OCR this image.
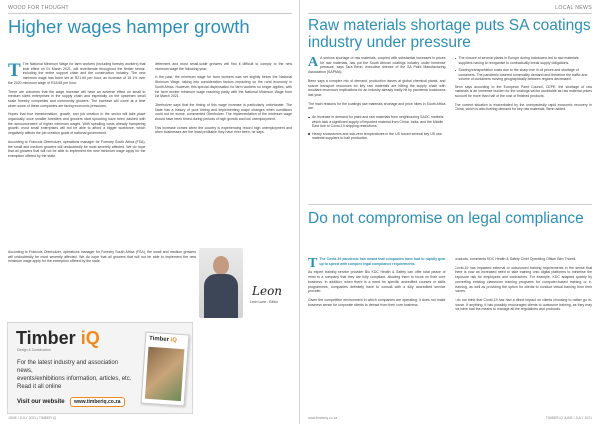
WOOD FOR THOUGHT
Higher wages hamper growth

T The National Minimum Wage for farm workers (including forestry workers) that took effect on 01 March 2021, will reverberate throughout the timber sector, including the entire support chain and the construction industry. The new minimum wage has been set at R21.69 per hour, an increase of 16.1% over the 2020 minimum wage of R18.68 per hour.

There are concerns that the wage increase will have an adverse effect on small to medium sized enterprises in the supply chain and especially on the upstream small scale forestry companies and community growers. The increase will come at a time when some of these companies are facing economic pressures.

Hopes that true transformation, growth, and job creation in the sector will take place organically once smaller foresters and growers start sprouting have been dashed with the announcement of higher minimum wages. With spiralling costs already hampering growth, most small enterprises will not be able to afford a bigger workforce, which negatively affects the job creation goals of national government.

According to Francois Oberholzer, operations manager for Forestry South Africa (FSA), the small and medium growers will undoubtedly be most severely affected. We do hope that all growers that will not be able to implement the new minimum wage apply for the exemption offered by the state.

deferment and most small-scale growers will find it difficult to comply to the new minimum wage the following year.

In the past, the minimum wage for farm workers was set slightly below the National Minimum Wage, taking into consideration factors impacting on the rural economy in South Africa. However, this special dispensation for farm workers no longer applies, with the farm worker minimum wage reaching parity with the National Minimum Wage from 1st March 2021.

Oberholzer says that the timing of this wage increase is particularly unfortunate. The State has a history of poor timing and implementing major changes when conditions could not be worse, commented Oberholzer. The implementation of the minimum wage should have been timed during periods of high growth and low unemployment.

This increase comes when the country is experiencing record high unemployment and when businesses are the least profitable they have ever been, he says.

According to Francois Oberholzer, operations manager for Forestry South Africa (FSA), the small and medium growers will undoubtedly be most severely affected. We do hope that all growers that will not be able to implement the new minimum wage apply for the exemption offered by the state.

Leon
Leon Lurie - Editor
Timber iQ
Design & Construction
For the latest industry and association news,
events/exhibitions information, articles, etc.
Read it all online
Visit our website	www.timberiq.co.za
Timber iQ
JUNE / JULY 2021 | TIMBER iQ
LOCAL NEWS
Raw materials shortage puts SA coatings industry under pressure

A A serious shortage of raw materials, coupled with substantial increases in prices for raw materials, has put the South African coatings industry under immense pressure, says Tara Benn, executive director of the SA Paint Manufacturing Association (SAPMA).

Benn says a complex mix of demand, production issues at global chemical plants, and scarce transport resources for key raw materials are hitting the supply chain with resultant enormous implications for an industry already badly hit by pandemic lockdowns last year.

The main reasons for the coatings raw materials shortage and price hikes in South Africa are:

An increase in demand for paint and raw materials from neighbouring SADC markets which lack a significant supply of imported material from China, India, and the Middle East due to Covid-19 shipping restrictions.
Heavy snowstorms and sub-zero temperatures in the US forced several key US raw material suppliers to halt production.
The closure of several plants in Europe during lockdowns led to raw materials suppliers having to reorganise to contractually break supply obligations.
Soaring transportation costs due to the sharp rise in oil prices and shortage of containers. The pandemic lowered commodity demand and therefore the traffic and volume of containers moving geographically between regions decreased.

Benn says according to the European Paint Council, CEPE, the shortage of raw materials is an immense burden for the coatings sector worldwide as raw material prices account for more than half of the cost of finished products.

The current situation is exacerbated by the unexpectedly rapid economic recovery in China, which is also fuelling demand for key raw materials, Benn added.

Do not compromise on legal compliance

T The Covid-19 pandemic has meant that companies have had to rapidly gear up to speed with complex legal compliance requirements.

As expert training service provider Bio KDC Health & Safety can offer total peace of mind to a company that they are fully compliant, allowing them to focus on their core business. In addition, when there is a need for specific accredited courses or skills programmes, companies definitely have to consult with a fully accredited service provider.

Given the competitive environment in which companies are operating, it does not make business sense for corporate clients to detract from their core business.

products, comments KDC Health & Safety Chief Operating Officer Ben Thorell.

Covid-19 has impacted external or outsourced training requirements in the sense that there is now an increased need to take training onto digital platforms to minimise the exposure risk for employees and contractors. For example, KDC adapted quickly by converting existing classroom training programs for computer-based training or e-learning, as well as providing the option for clients to conduct virtual training from their homes.

I do not think that Covid-19 has had a direct impact on clients choosing to rather go in-house. If anything, it has possibly encouraged clients to outsource training, as they may not have had the means to manage all the regulations and protocols.

www.timberiq.co.za	TIMBER iQ JUNE / JULY 2021
